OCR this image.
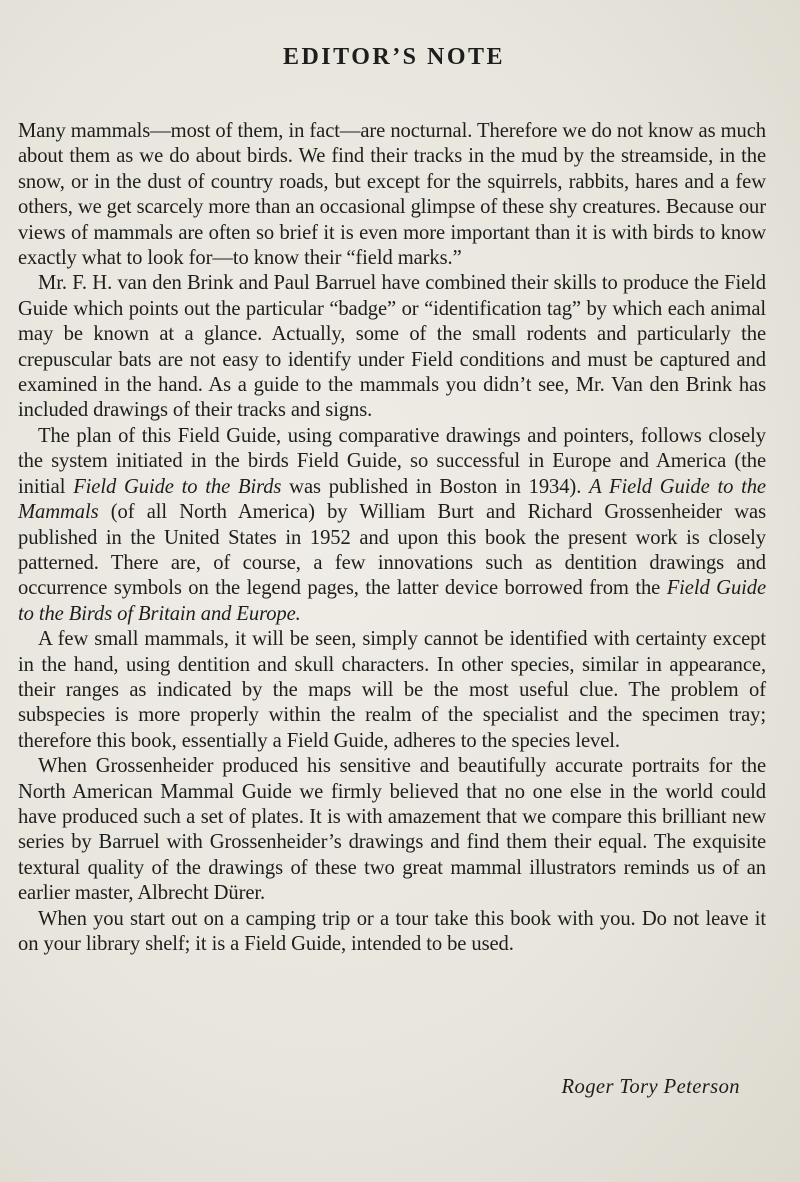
EDITOR’S NOTE

Many mammals—most of them, in fact—are nocturnal. Therefore we do not know as much about them as we do about birds. We find their tracks in the mud by the streamside, in the snow, or in the dust of country roads, but except for the squirrels, rabbits, hares and a few others, we get scarcely more than an occasional glimpse of these shy creatures. Because our views of mammals are often so brief it is even more important than it is with birds to know exactly what to look for—to know their “field marks.”

Mr. F. H. van den Brink and Paul Barruel have combined their skills to produce the Field Guide which points out the particular “badge” or “identification tag” by which each animal may be known at a glance. Actually, some of the small rodents and particularly the crepuscular bats are not easy to identify under Field conditions and must be captured and examined in the hand. As a guide to the mammals you didn’t see, Mr. Van den Brink has included drawings of their tracks and signs.

The plan of this Field Guide, using comparative drawings and pointers, follows closely the system initiated in the birds Field Guide, so successful in Europe and America (the initial Field Guide to the Birds was published in Boston in 1934). A Field Guide to the Mammals (of all North America) by William Burt and Richard Grossenheider was published in the United States in 1952 and upon this book the present work is closely patterned. There are, of course, a few innovations such as dentition drawings and occurrence symbols on the legend pages, the latter device borrowed from the Field Guide to the Birds of Britain and Europe.

A few small mammals, it will be seen, simply cannot be identified with certainty except in the hand, using dentition and skull characters. In other species, similar in appearance, their ranges as indicated by the maps will be the most useful clue. The problem of subspecies is more properly within the realm of the specialist and the specimen tray; therefore this book, essentially a Field Guide, adheres to the species level.

When Grossenheider produced his sensitive and beautifully accurate portraits for the North American Mammal Guide we firmly believed that no one else in the world could have produced such a set of plates. It is with amazement that we compare this brilliant new series by Barruel with Grossenheider’s drawings and find them their equal. The exquisite textural quality of the drawings of these two great mammal illustrators reminds us of an earlier master, Albrecht Dürer.

When you start out on a camping trip or a tour take this book with you. Do not leave it on your library shelf; it is a Field Guide, intended to be used.

Roger Tory Peterson
